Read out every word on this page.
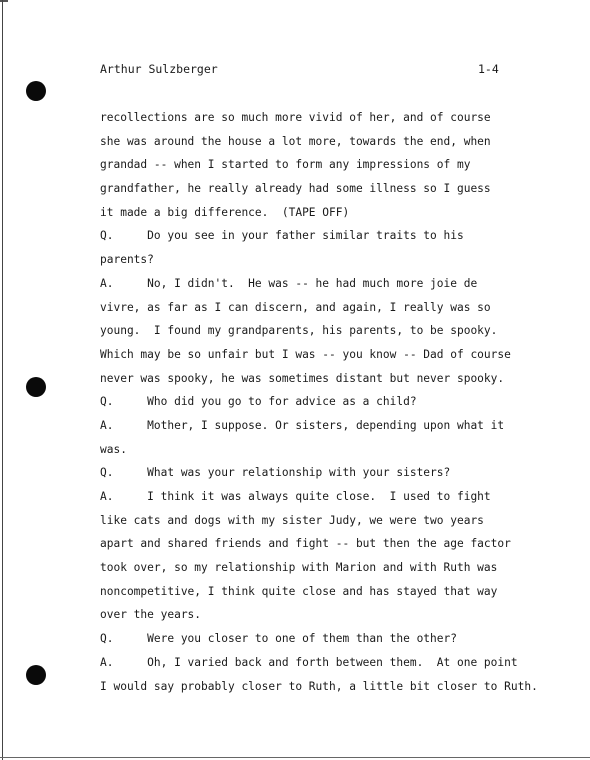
Arthur Sulzberger	1-4
recollections are so much more vivid of her, and of course
she was around the house a lot more, towards the end, when
grandad -- when I started to form any impressions of my
grandfather, he really already had some illness so I guess
it made a big difference.  (TAPE OFF)
Q.     Do you see in your father similar traits to his
parents?
A.     No, I didn't.  He was -- he had much more joie de
vivre, as far as I can discern, and again, I really was so
young.  I found my grandparents, his parents, to be spooky.
Which may be so unfair but I was -- you know -- Dad of course
never was spooky, he was sometimes distant but never spooky.
Q.     Who did you go to for advice as a child?
A.     Mother, I suppose. Or sisters, depending upon what it
was.
Q.     What was your relationship with your sisters?
A.     I think it was always quite close.  I used to fight
like cats and dogs with my sister Judy, we were two years
apart and shared friends and fight -- but then the age factor
took over, so my relationship with Marion and with Ruth was
noncompetitive, I think quite close and has stayed that way
over the years.
Q.     Were you closer to one of them than the other?
A.     Oh, I varied back and forth between them.  At one point
I would say probably closer to Ruth, a little bit closer to Ruth.
